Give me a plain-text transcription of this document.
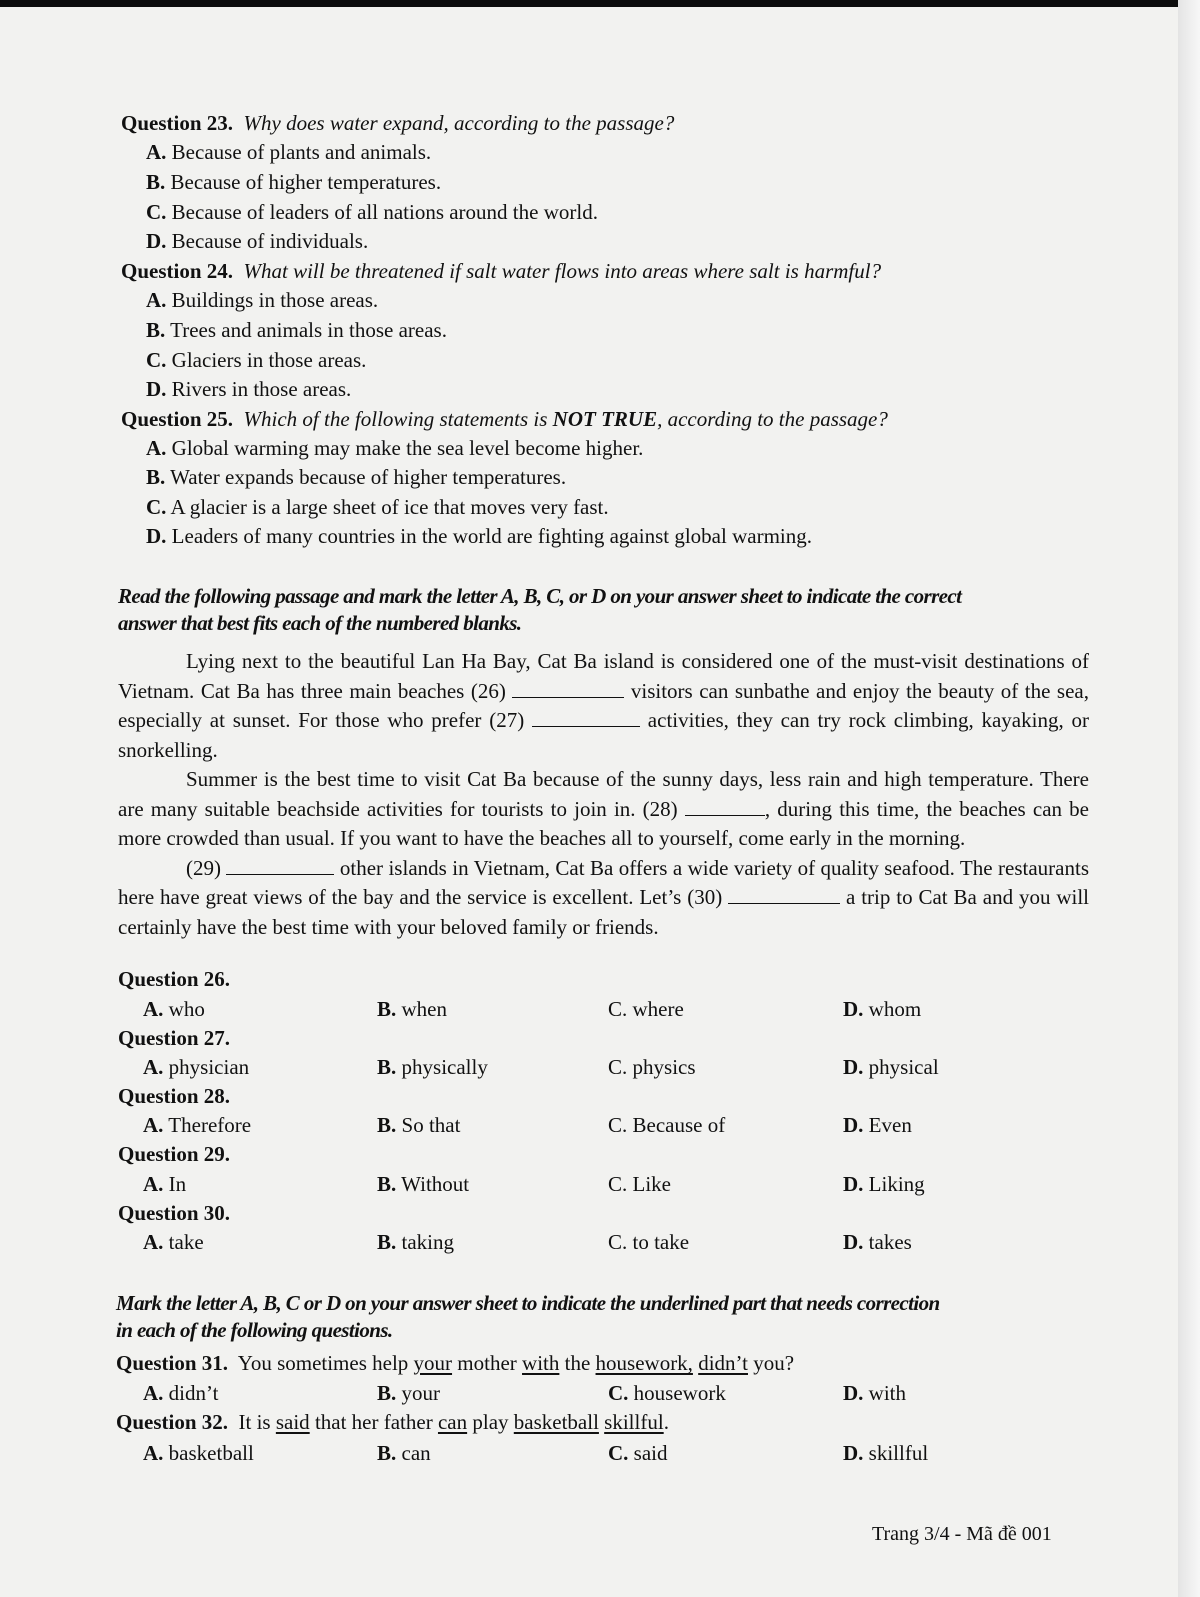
Question 23. Why does water expand, according to the passage?
A. Because of plants and animals.
B. Because of higher temperatures.
C. Because of leaders of all nations around the world.
D. Because of individuals.
Question 24. What will be threatened if salt water flows into areas where salt is harmful?
A. Buildings in those areas.
B. Trees and animals in those areas.
C. Glaciers in those areas.
D. Rivers in those areas.
Question 25. Which of the following statements is NOT TRUE, according to the passage?
A. Global warming may make the sea level become higher.
B. Water expands because of higher temperatures.
C. A glacier is a large sheet of ice that moves very fast.
D. Leaders of many countries in the world are fighting against global warming.
Read the following passage and mark the letter A, B, C, or D on your answer sheet to indicate the correct
answer that best fits each of the numbered blanks.

Lying next to the beautiful Lan Ha Bay, Cat Ba island is considered one of the must-visit destinations of Vietnam. Cat Ba has three main beaches (26)	visitors can sunbathe and enjoy the beauty of the sea, especially at sunset. For those who prefer (27)	activities, they can try rock climbing, kayaking, or snorkelling.

Summer is the best time to visit Cat Ba because of the sunny days, less rain and high temperature. There are many suitable beachside activities for tourists to join in. (28)	, during this time, the beaches can be more crowded than usual. If you want to have the beaches all to yourself, come early in the morning.

(29)	other islands in Vietnam, Cat Ba offers a wide variety of quality seafood. The restaurants here have great views of the bay and the service is excellent. Let’s (30)	a trip to Cat Ba and you will certainly have the best time with your beloved family or friends.

Question 26.
A. who	B. when	C. where	D. whom
Question 27.
A. physician	B. physically	C. physics	D. physical
Question 28.
A. Therefore	B. So that	C. Because of	D. Even
Question 29.
A. In	B. Without	C. Like	D. Liking
Question 30.
A. take	B. taking	C. to take	D. takes
Mark the letter A, B, C or D on your answer sheet to indicate the underlined part that needs correction
in each of the following questions.
Question 31. You sometimes help your mother with the housework, didn’t you?
A. didn’t	B. your	C. housework	D. with
Question 32. It is said that her father can play basketball skillful.
A. basketball	B. can	C. said	D. skillful
Trang 3/4 - Mã đề 001
